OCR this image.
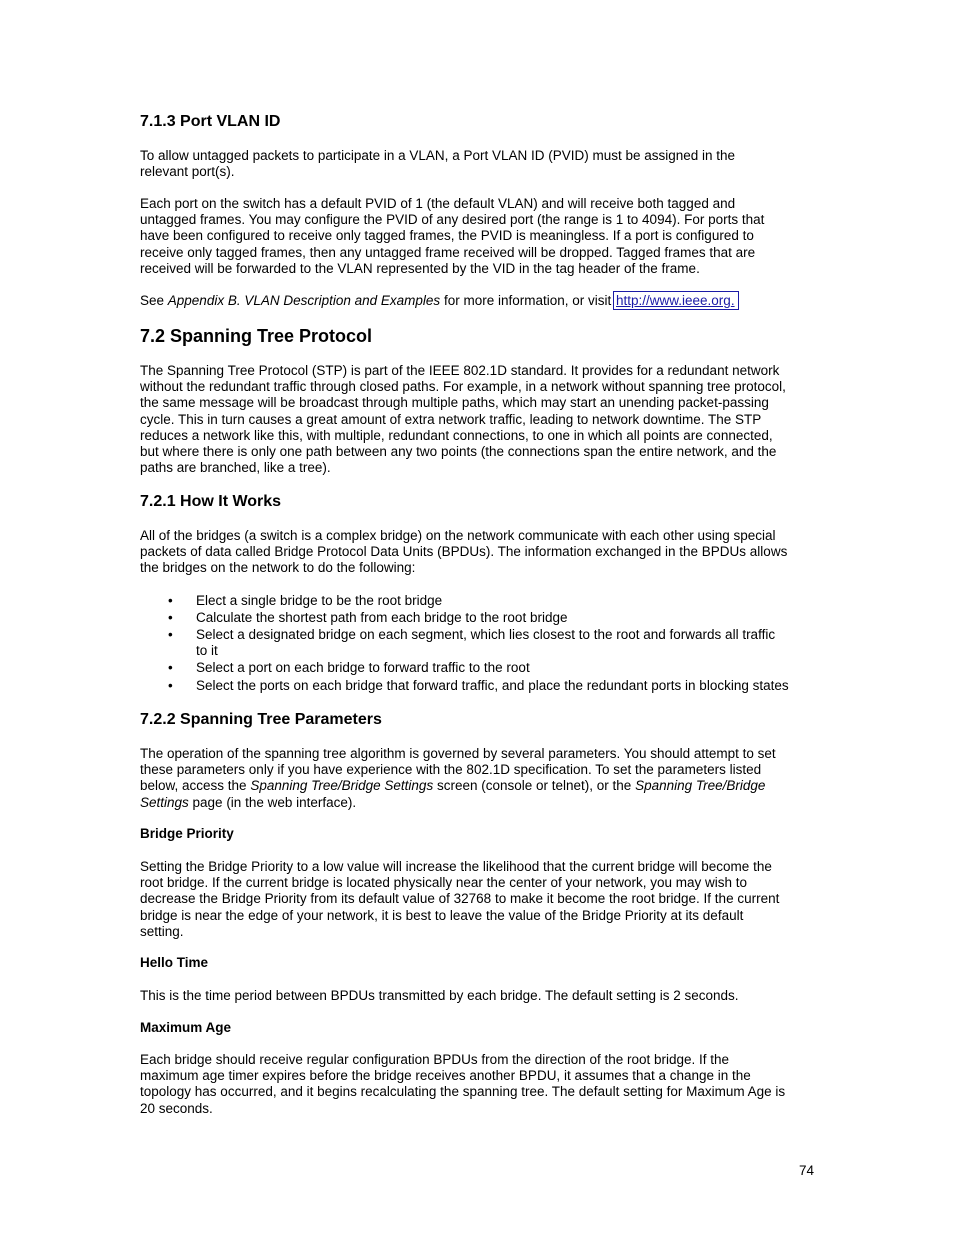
7.1.3 Port VLAN ID

To allow untagged packets to participate in a VLAN, a Port VLAN ID (PVID) must be assigned in the
relevant port(s).

Each port on the switch has a default PVID of 1 (the default VLAN) and will receive both tagged and
untagged frames. You may configure the PVID of any desired port (the range is 1 to 4094). For ports that
have been configured to receive only tagged frames, the PVID is meaningless. If a port is configured to
receive only tagged frames, then any untagged frame received will be dropped. Tagged frames that are
received will be forwarded to the VLAN represented by the VID in the tag header of the frame.

See Appendix B. VLAN Description and Examples for more information, or visit http://www.ieee.org.

7.2 Spanning Tree Protocol

The Spanning Tree Protocol (STP) is part of the IEEE 802.1D standard. It provides for a redundant network
without the redundant traffic through closed paths. For example, in a network without spanning tree protocol,
the same message will be broadcast through multiple paths, which may start an unending packet-passing
cycle. This in turn causes a great amount of extra network traffic, leading to network downtime. The STP
reduces a network like this, with multiple, redundant connections, to one in which all points are connected,
but where there is only one path between any two points (the connections span the entire network, and the
paths are branched, like a tree).

7.2.1 How It Works

All of the bridges (a switch is a complex bridge) on the network communicate with each other using special
packets of data called Bridge Protocol Data Units (BPDUs). The information exchanged in the BPDUs allows
the bridges on the network to do the following:

• Elect a single bridge to be the root bridge
• Calculate the shortest path from each bridge to the root bridge
• Select a designated bridge on each segment, which lies closest to the root and forwards all traffic
to it
• Select a port on each bridge to forward traffic to the root
• Select the ports on each bridge that forward traffic, and place the redundant ports in blocking states
7.2.2 Spanning Tree Parameters

The operation of the spanning tree algorithm is governed by several parameters. You should attempt to set
these parameters only if you have experience with the 802.1D specification. To set the parameters listed
below, access the Spanning Tree/Bridge Settings screen (console or telnet), or the Spanning Tree/Bridge
Settings page (in the web interface).

Bridge Priority

Setting the Bridge Priority to a low value will increase the likelihood that the current bridge will become the
root bridge. If the current bridge is located physically near the center of your network, you may wish to
decrease the Bridge Priority from its default value of 32768 to make it become the root bridge. If the current
bridge is near the edge of your network, it is best to leave the value of the Bridge Priority at its default
setting.

Hello Time

This is the time period between BPDUs transmitted by each bridge. The default setting is 2 seconds.

Maximum Age

Each bridge should receive regular configuration BPDUs from the direction of the root bridge. If the
maximum age timer expires before the bridge receives another BPDU, it assumes that a change in the
topology has occurred, and it begins recalculating the spanning tree. The default setting for Maximum Age is
20 seconds.

74
